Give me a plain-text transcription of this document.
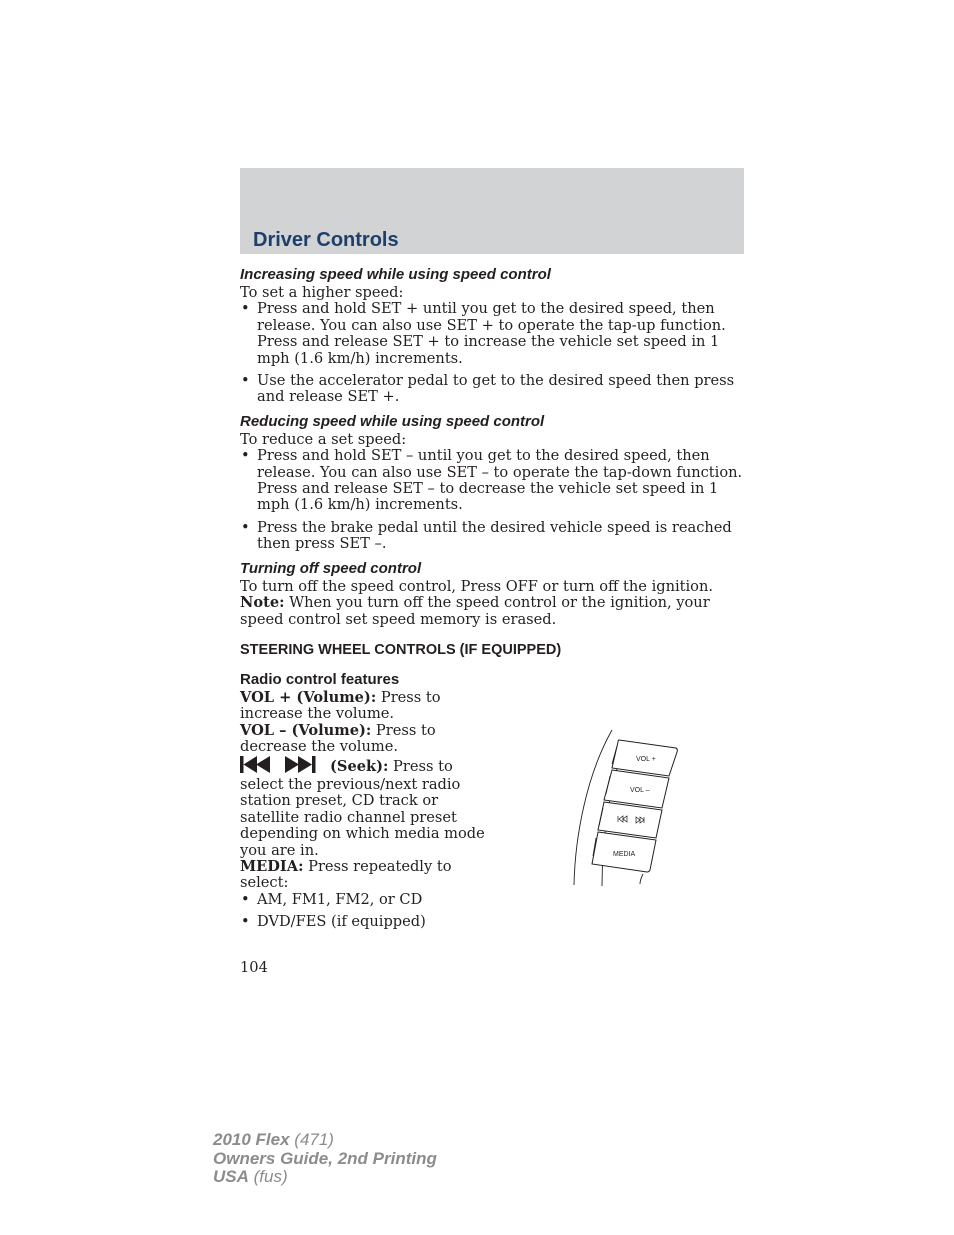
Driver Controls
Increasing speed while using speed control

To set a higher speed:

• Press and hold SET + until you get to the desired speed, then release. You can also use SET + to operate the tap-up function. Press and release SET + to increase the vehicle set speed in 1 mph (1.6 km/h) increments.
• Use the accelerator pedal to get to the desired speed then press and release SET +.
Reducing speed while using speed control

To reduce a set speed:

• Press and hold SET – until you get to the desired speed, then release. You can also use SET – to operate the tap-down function. Press and release SET – to decrease the vehicle set speed in 1 mph (1.6 km/h) increments.
• Press the brake pedal until the desired vehicle speed is reached then press SET –.
Turning off speed control

To turn off the speed control, Press OFF or turn off the ignition.

Note: When you turn off the speed control or the ignition, your speed control set speed memory is erased.

STEERING WHEEL CONTROLS (IF EQUIPPED)
Radio control features

VOL + (Volume): Press to increase the volume.

VOL – (Volume): Press to decrease the volume.

(Seek): Press to select the previous/next radio station preset, CD track or satellite radio channel preset depending on which media mode you are in.

MEDIA: Press repeatedly to select:

• AM, FM1, FM2, or CD
• DVD/FES (if equipped)
VOL +
VOL –
MEDIA

104

2010 Flex (471)
Owners Guide, 2nd Printing
USA (fus)
